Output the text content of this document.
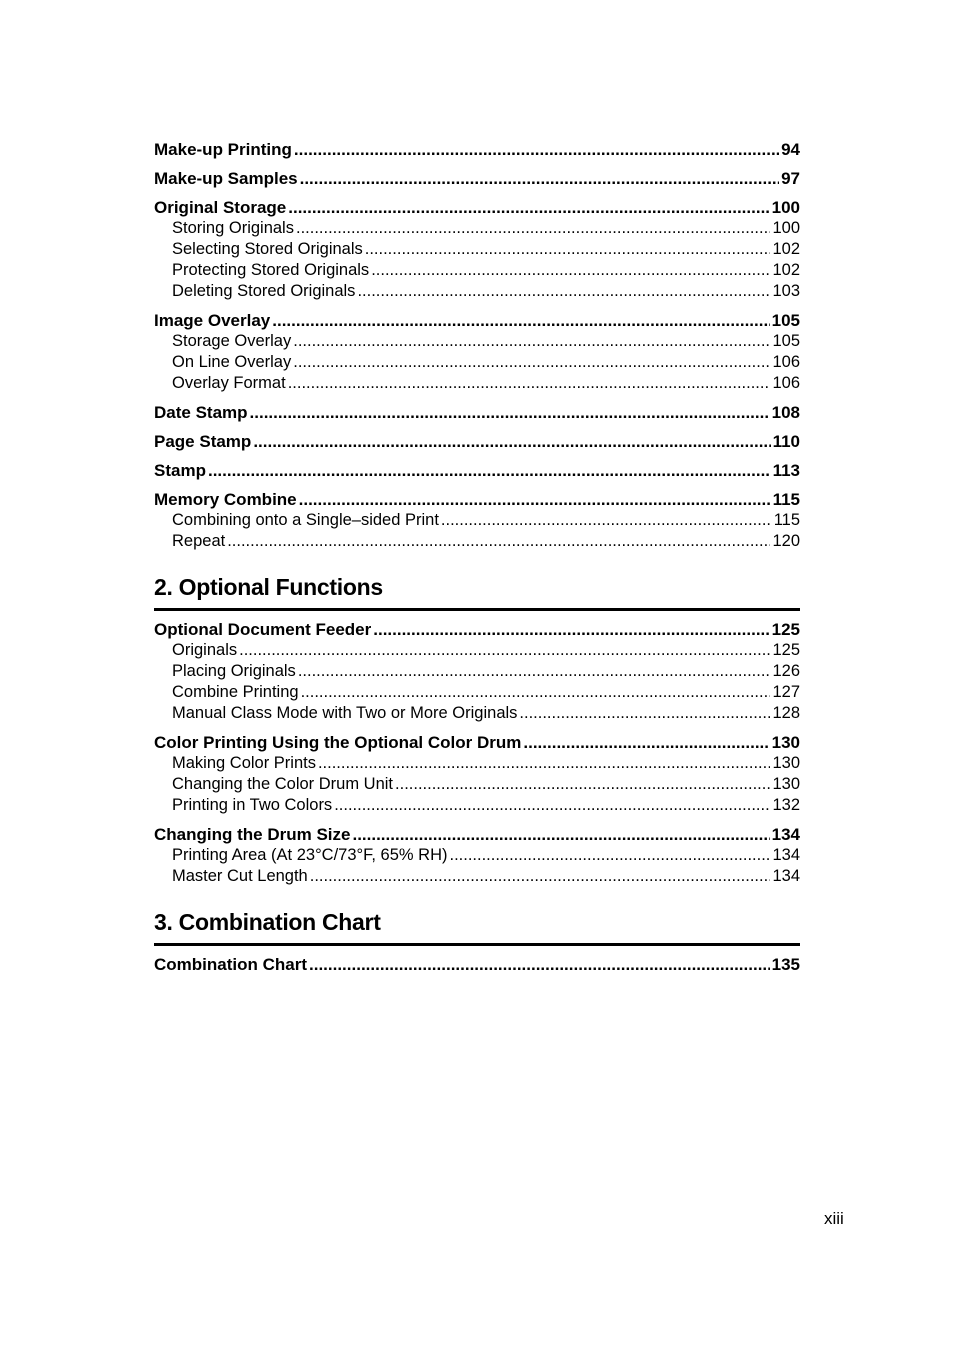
Make-up Printing .....	94
Make-up Samples .....	97
Original Storage .....	100
Storing Originals .....	100
Selecting Stored Originals .....	102
Protecting Stored Originals .....	102
Deleting Stored Originals .....	103
Image Overlay .....	105
Storage Overlay .....	105
On Line Overlay .....	106
Overlay Format .....	106
Date Stamp .....	108
Page Stamp .....	110
Stamp .....	113
Memory Combine .....	115
Combining onto a Single–sided Print .....	115
Repeat .....	120
2. Optional Functions
Optional Document Feeder .....	125
Originals .....	125
Placing Originals .....	126
Combine Printing .....	127
Manual Class Mode with Two or More Originals .....	128
Color Printing Using the Optional Color Drum .....	130
Making Color Prints .....	130
Changing the Color Drum Unit .....	130
Printing in Two Colors .....	132
Changing the Drum Size .....	134
Printing Area (At 23°C/73°F, 65% RH) .....	134
Master Cut Length .....	134
3. Combination Chart
Combination Chart .....	135
xiii
